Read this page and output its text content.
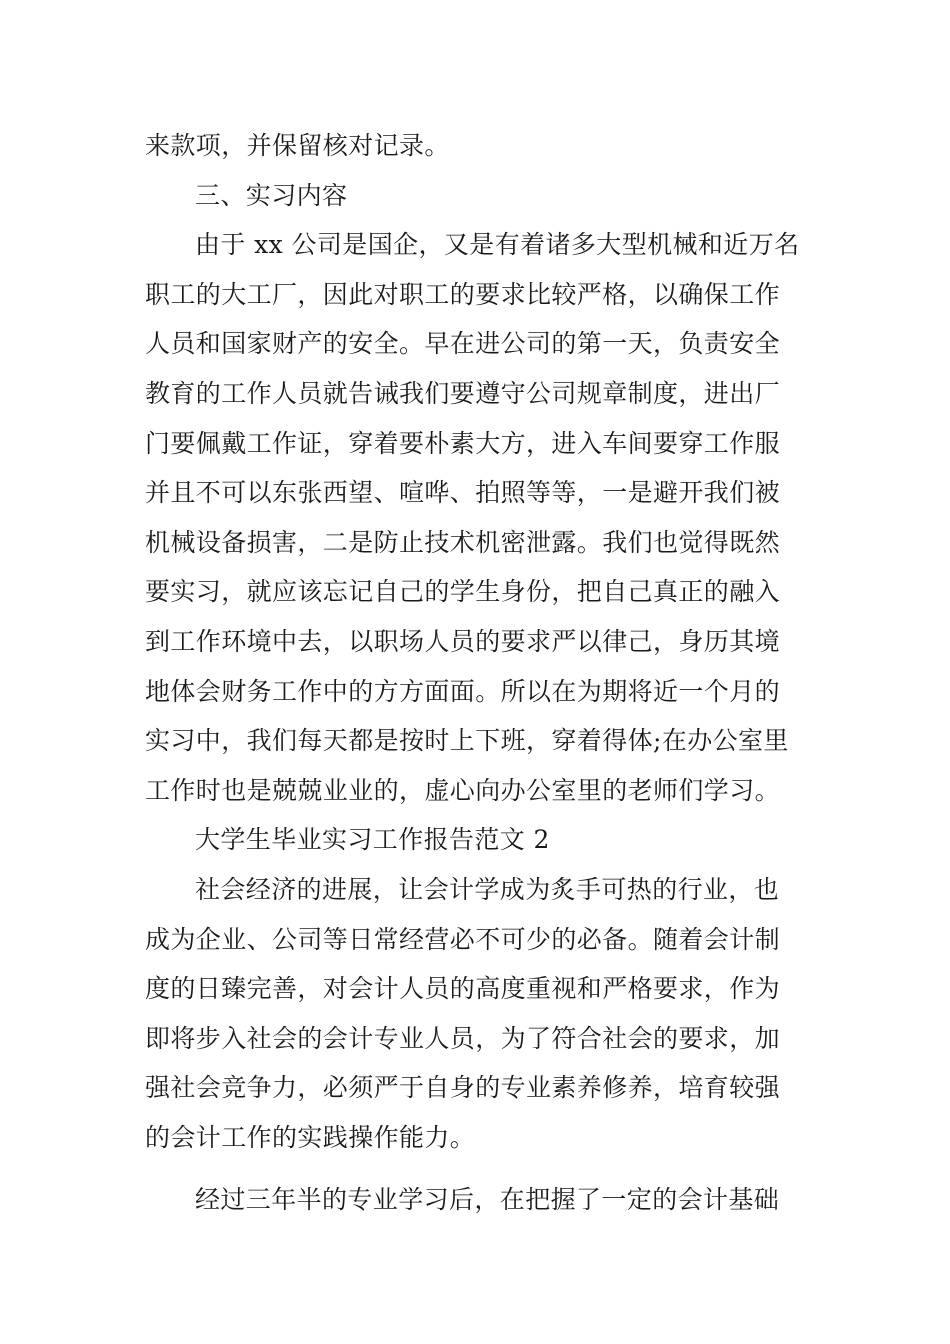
来款项，并保留核对记录。
三、实习内容
由于 xx 公司是国企，又是有着诸多大型机械和近万名
职工的大工厂，因此对职工的要求比较严格，以确保工作
人员和国家财产的安全。早在进公司的第一天，负责安全
教育的工作人员就告诫我们要遵守公司规章制度，进出厂
门要佩戴工作证，穿着要朴素大方，进入车间要穿工作服
并且不可以东张西望、喧哗、拍照等等，一是避开我们被
机械设备损害，二是防止技术机密泄露。我们也觉得既然
要实习，就应该忘记自己的学生身份，把自己真正的融入
到工作环境中去，以职场人员的要求严以律己，身历其境
地体会财务工作中的方方面面。所以在为期将近一个月的
实习中，我们每天都是按时上下班，穿着得体;在办公室里
工作时也是兢兢业业的，虚心向办公室里的老师们学习。
大学生毕业实习工作报告范文 2
社会经济的进展，让会计学成为炙手可热的行业，也
成为企业、公司等日常经营必不可少的必备。随着会计制
度的日臻完善，对会计人员的高度重视和严格要求，作为
即将步入社会的会计专业人员，为了符合社会的要求，加
强社会竞争力，必须严于自身的专业素养修养，培育较强
的会计工作的实践操作能力。
经过三年半的专业学习后，在把握了一定的会计基础
